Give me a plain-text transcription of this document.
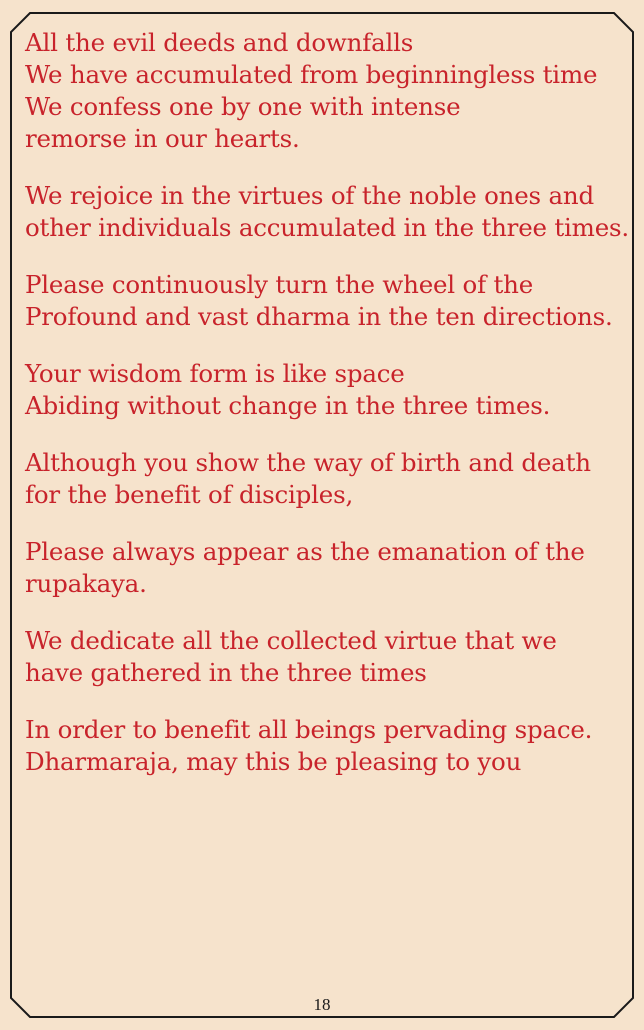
All the evil deeds and downfalls
We have accumulated from beginningless time
We confess one by one with intense
remorse in our hearts.
We rejoice in the virtues of the noble ones and
other individuals accumulated in the three times.
Please continuously turn the wheel of the
Profound and vast dharma in the ten directions.
Your wisdom form is like space
Abiding without change in the three times.
Although you show the way of birth and death
for the benefit of disciples,
Please always appear as the emanation of the
rupakaya.
We dedicate all the collected virtue that we
have gathered in the three times
In order to benefit all beings pervading space.
Dharmaraja, may this be pleasing to you
18
